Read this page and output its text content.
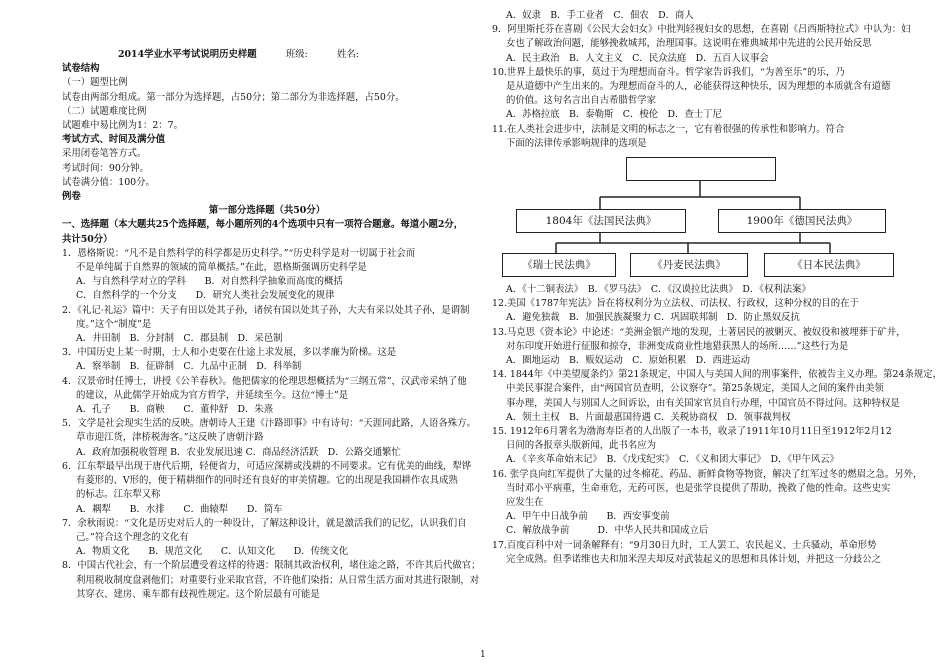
2014学业水平考试说明历史样题	班级:	姓名:
试卷结构
（一）题型比例
试卷由两部分组成。第一部分为选择题，占50分；第二部分为非选择题，占50分。
（二）试题难度比例
试题难中易比例为1：2：7。
考试方式、时间及满分值
采用闭卷笔答方式。
考试时间：90分钟。
试卷满分值：100分。
例卷
第一部分选择题（共50分）
一、选择题（本大题共25个选择题，每小题所列的4个选项中只有一项符合题意。每道小题2分，
共计50分）
1．恩格斯说：“凡不是自然科学的科学都是历史科学。”“历史科学是对一切属于社会而
不是单纯属于自然界的领域的简单概括。”在此，恩格斯强调历史科学是
A．与自然科学对立的学科　　B．对自然科学抽象而高度的概括
C．自然科学的一个分支　　D．研究人类社会发展变化的规律
2．《礼记·礼运》篇中：天子有田以处其子孙，诸侯有国以处其子孙，大夫有采以处其子孙，是谓制
度。”这个“制度”是
A．井田制　B．分封制　C．郡县制　D．采邑制
3．中国历史上某一时期，士人和小吏要在仕途上求发展，多以孝廉为阶梯。这是
A．察举制　B．征辟制　C．九品中正制　D．科举制
4．汉景帝时任博士，讲授《公羊春秋》。他把儒家的伦理思想概括为“三纲五常”，汉武帝采纳了他
的建议，从此儒学开始成为官方哲学，并延续至今。这位“博士”是
A．孔子　　B．商鞅　　C．董仲舒　D．朱熹
5．文学是社会现实生活的反映。唐朝诗人王建《汴路即事》中有诗句：“天涯同此路，人语各殊方。
草市迎江货，津桥税海客。”这反映了唐朝汴路
A．政府加强税收管理 B．农业发展迅速 C．商品经济活跃　D．公路交通繁忙
6．江东犁最早出现于唐代后期，轻便省力，可适应深耕或浅耕的不同要求。它有优美的曲线，犁铧
有菱形的、V形的，便于精耕细作的同时还有良好的审美情趣。它的出现是我国耕作农具成熟
的标志。江东犁又称
A．耦犁　　B．水排　　C．曲辕犁　　D．筒车
7．余秋雨说：“文化是历史对后人的一种设计，了解这种设计，就是激活我们的记忆，认识我们自
己。”符合这个理念的文化有
A．物质文化　　B．规范文化　　C．认知文化　　D．传统文化
8．中国古代社会，有一个阶层遭受着这样的待遇：限制其政治权利，堵住途之路，不许其后代做官；
利用税收制度盘剥他们；对重要行业采取官营，不许他们染指；从日常生活方面对其进行限制，对
其穿衣、建房、乘车都有歧视性规定。这个阶层最有可能是
A．奴隶　B．手工业者　C．佃农　D．商人
9．阿里斯托芬在喜剧《公民大会妇女》中批判轻视妇女的思想，在喜剧《吕西斯特拉式》中认为：妇
女也了解政治问题，能够挽救城邦，治理国事。这说明在雅典城邦中先进的公民开始反思
A．民主政治　B．人文主义　C．民众法庭　D．五百人议事会
10.世界上最快乐的事，莫过于为理想而奋斗。哲学家告诉我们，“为善至乐”的乐，乃
是从道德中产生出来的。为理想而奋斗的人，必能获得这种快乐，因为理想的本质就含有道德
的价值。这句名言出自古希腊哲学家
A．苏格拉底　B．泰勒斯　C．梭伦　D．查士丁尼
11.在人类社会进步中，法制是文明的标志之一，它有着很强的传承性和影响力。符合
下面的法律传承影响规律的选项是
1804年《法国民法典》	1900年《德国民法典》
《瑞士民法典》	《丹麦民法典》	《日本民法典》
A．《十二铜表法》　B．《罗马法》　C．《汉谟拉比法典》　D．《权利法案》
12.美国《1787年宪法》旨在将权利分为立法权、司法权、行政权，这种分权的目的在于
A．避免独裁　B．加强民族凝聚力 C．巩固联邦制　D．防止黑奴反抗
13.马克思《资本论》中论述：“美洲金银产地的发现，土著居民的被剿灭、被奴役和被埋葬于矿井，
对东印度开始进行征服和掠夺，非洲变成商业性地猎获黑人的场所……”这些行为是
A．圈地运动　B．贩奴运动　C．原始积累　D．西进运动
14. 1844年《中美望厦条约》第21条规定，中国人与美国人间的刑事案件，依被告主义办理。第24条规定，
中美民事混合案件，由“两国官员查明，公议察夺”。第25条规定，美国人之间的案件由美领
事办理，美国人与别国人之间诉讼，由有关国家官员自行办理，中国官员不得过问。这种特权是
A．领土主权　B．片面最惠国待遇 C．关税协商权　D．领事裁判权
15. 1912年6月署名为渤海寿臣者的人出版了一本书，收录了1911年10月11日至1912年2月12
日间的各报章头版新闻，此书名应为
A．《辛亥革命始末记》　B．《戊戌纪实》　C．《义和团大事记》　D．《甲午风云》
16. 张学良向红军提供了大量的过冬棉花、药品、新鲜食物等物资，解决了红军过冬的燃眉之急。另外，
当时邓小平病重，生命垂危，无药可医，也是张学良提供了帮助，挽救了他的性命。这些史实
应发生在
A．甲午中日战争前　　B．西安事变前
C．解放战争前　　　D．中华人民共和国成立后
17.百度百科中对一词条解释有：“9月30日九时，工人罢工、农民起义、士兵骚动，革命形势
完全成熟。但季诺维也夫和加米涅夫却反对武装起义的思想和具体计划，并把这一分歧公之
1
